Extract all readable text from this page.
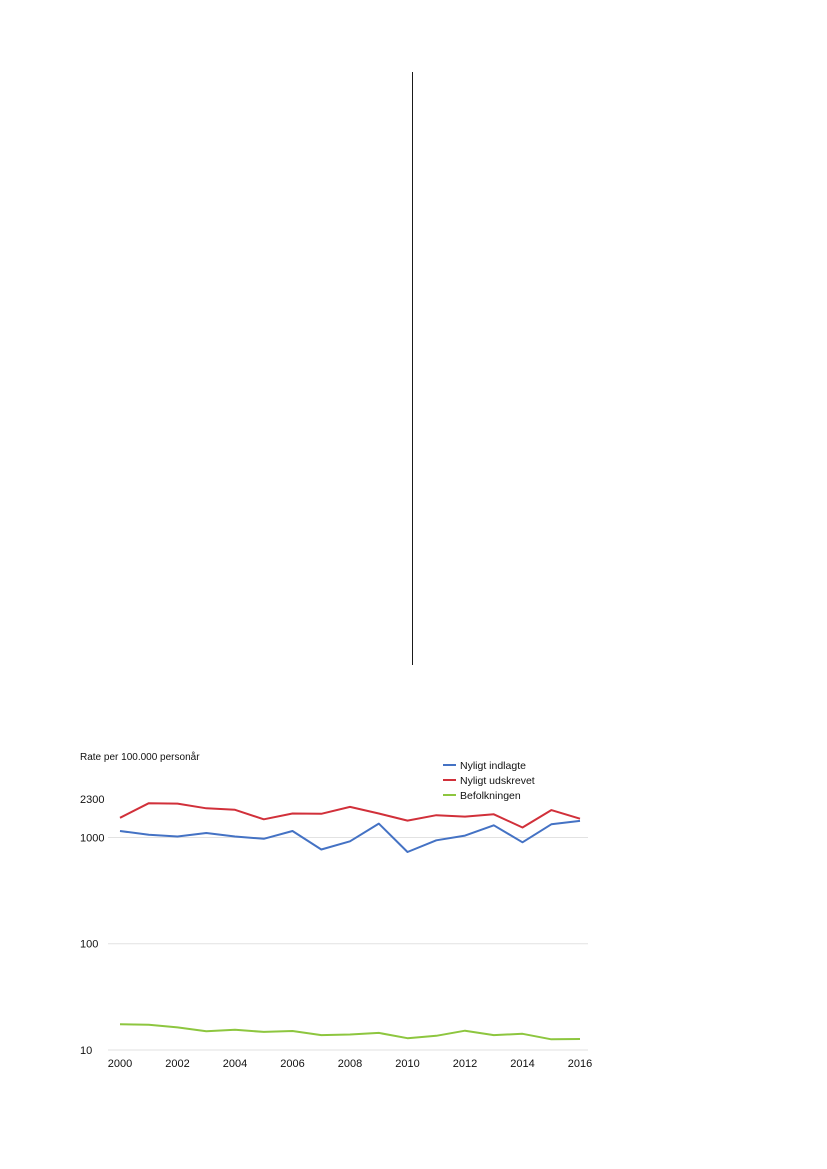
Rate per 100.000 personår
10
100
1000
2300
2000	2002	2004	2006	2008	2010	2012	2014	2016
Nyligt indlagte
Nyligt udskrevet
Befolkningen
